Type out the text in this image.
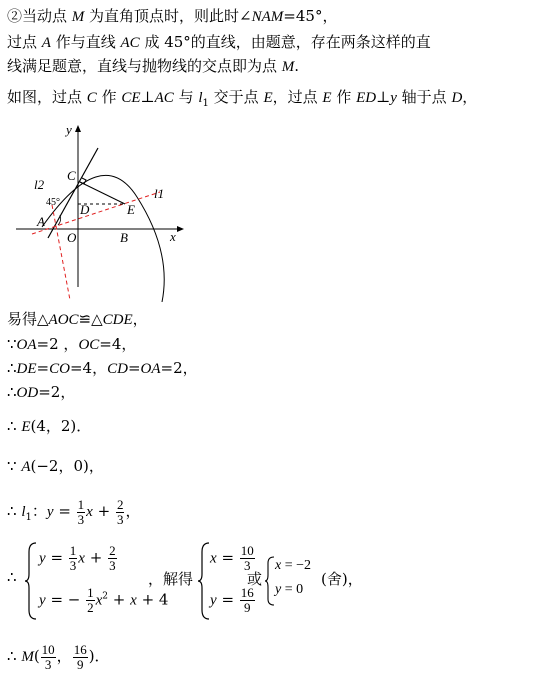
②当动点 M 为直角顶点时，则此时∠NAM=45°，
过点 A 作与直线 AC 成 45°的直线，由题意，存在两条这样的直
线满足题意，直线与抛物线的交点即为点 M.
如图，过点 C 作 CE⊥AC 与 $l_1$ 交于点 E，过点 E 作 ED⊥y 轴于点 D，
y
x
C
l2
l1
45° D	E
A
O	B
易得△AOC≌△CDE，
∵OA=2 ，OC=4，
∴DE=CO=4，CD=OA=2，
∴OD=2，
∴ E(4，2)．
∵ A(−2，0)，
∴ $l_1$：$y = \frac{1}{3}$ $x + \frac{2}{3}$ ，
∴
$y = \frac{1}{3}$ $x + \frac{2}{3}$
y = − $\frac{1}{2} x^2 + x + 4$
，解得
$x = \frac{10}{3}$
$y = \frac{16}{9}$
或
x = −2
y = 0
(舍)，
∴ $M( \frac{10}{3}$ ， $\frac{16}{9}$ )．
